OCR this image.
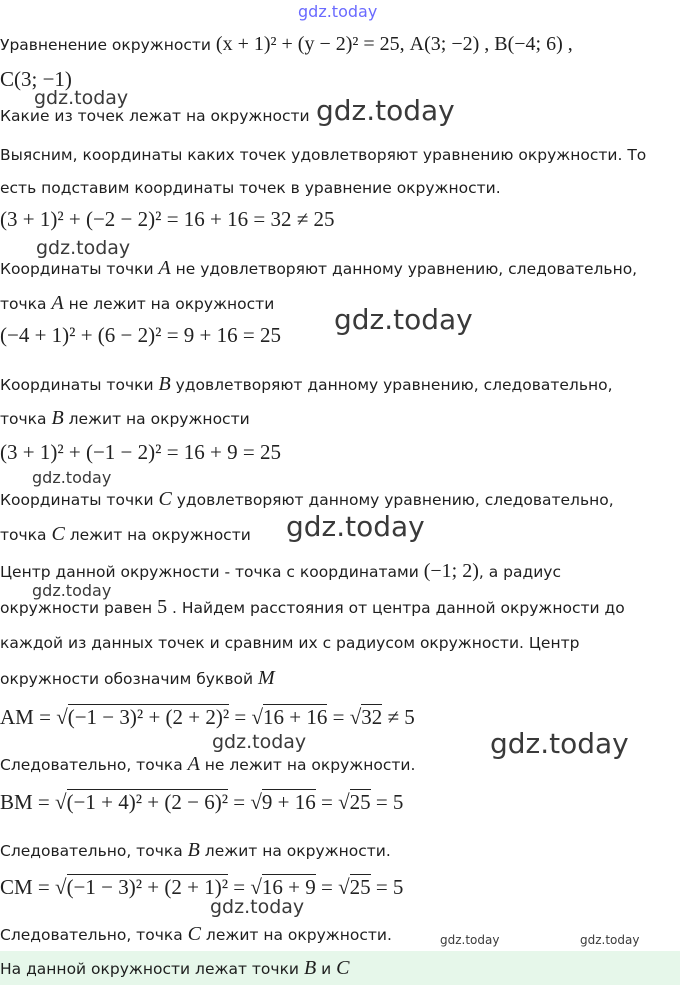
gdz.today
gdz.today	gdz.today
gdz.today
gdz.today
gdz.today
gdz.today
gdz.today
gdz.today	gdz.today
gdz.today
gdz.today	gdz.today
Уравненение окружности (x + 1)² + (y − 2)² = 25, A(3; −2) , B(−4; 6) ,
C(3; −1)
Какие из точек лежат на окружности
Выясним, координаты каких точек удовлетворяют уравнению окружности. То
есть подставим координаты точек в уравнение окружности.
(3 + 1)² + (−2 − 2)² = 16 + 16 = 32 ≠ 25
Координаты точки A не удовлетворяют данному уравнению, следовательно,
точка A не лежит на окружности
(−4 + 1)² + (6 − 2)² = 9 + 16 = 25
Координаты точки B удовлетворяют данному уравнению, следовательно,
точка B лежит на окружности
(3 + 1)² + (−1 − 2)² = 16 + 9 = 25
Координаты точки C удовлетворяют данному уравнению, следовательно,
точка C лежит на окружности
Центр данной окружности - точка с координатами (−1; 2), а радиус
окружности равен 5 . Найдем расстояния от центра данной окружности до
каждой из данных точек и сравним их с радиусом окружности. Центр
окружности обозначим буквой M
AM = √(−1 − 3)² + (2 + 2)² = √16 + 16 = √32 ≠ 5
Следовательно, точка A не лежит на окружности.
BM = √(−1 + 4)² + (2 − 6)² = √9 + 16 = √25 = 5
Следовательно, точка B лежит на окружности.
CM = √(−1 − 3)² + (2 + 1)² = √16 + 9 = √25 = 5
Следовательно, точка C лежит на окружности.
На данной окружности лежат точки B и C
